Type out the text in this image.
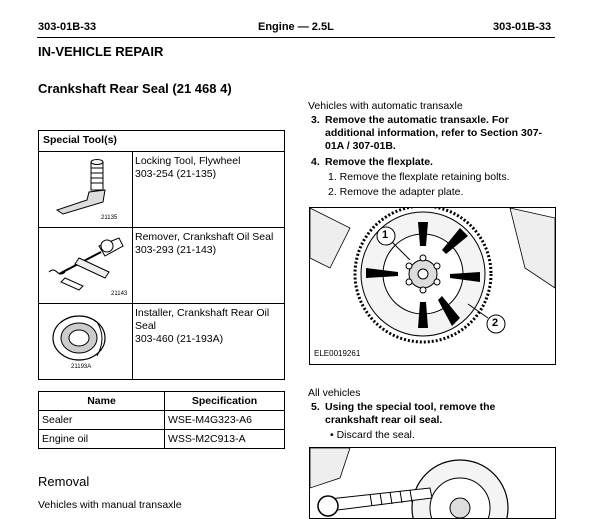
303-01B-33	Engine — 2.5L	303-01B-33
IN-VEHICLE REPAIR
Crankshaft Rear Seal (21 468 4)
Special Tool(s)	

21135	Locking Tool, Flywheel
303-254 (21-135)

21143	Remover, Crankshaft Oil Seal
303-293 (21-143)

21193A	Installer, Crankshaft Rear Oil Seal
303-460 (21-193A)
Name	Specification
Sealer	WSE-M4G323-A6
Engine oil	WSS-M2C913-A
Removal
Vehicles with manual transaxle
Vehicles with automatic transaxle
3. Remove the automatic transaxle. For additional information, refer to Section 307-01A / 307-01B.
4. Remove the flexplate.
1. Remove the flexplate retaining bolts.
2. Remove the adapter plate.
1
2
ELE0019261
All vehicles
5. Using the special tool, remove the crankshaft rear oil seal.
• Discard the seal.
